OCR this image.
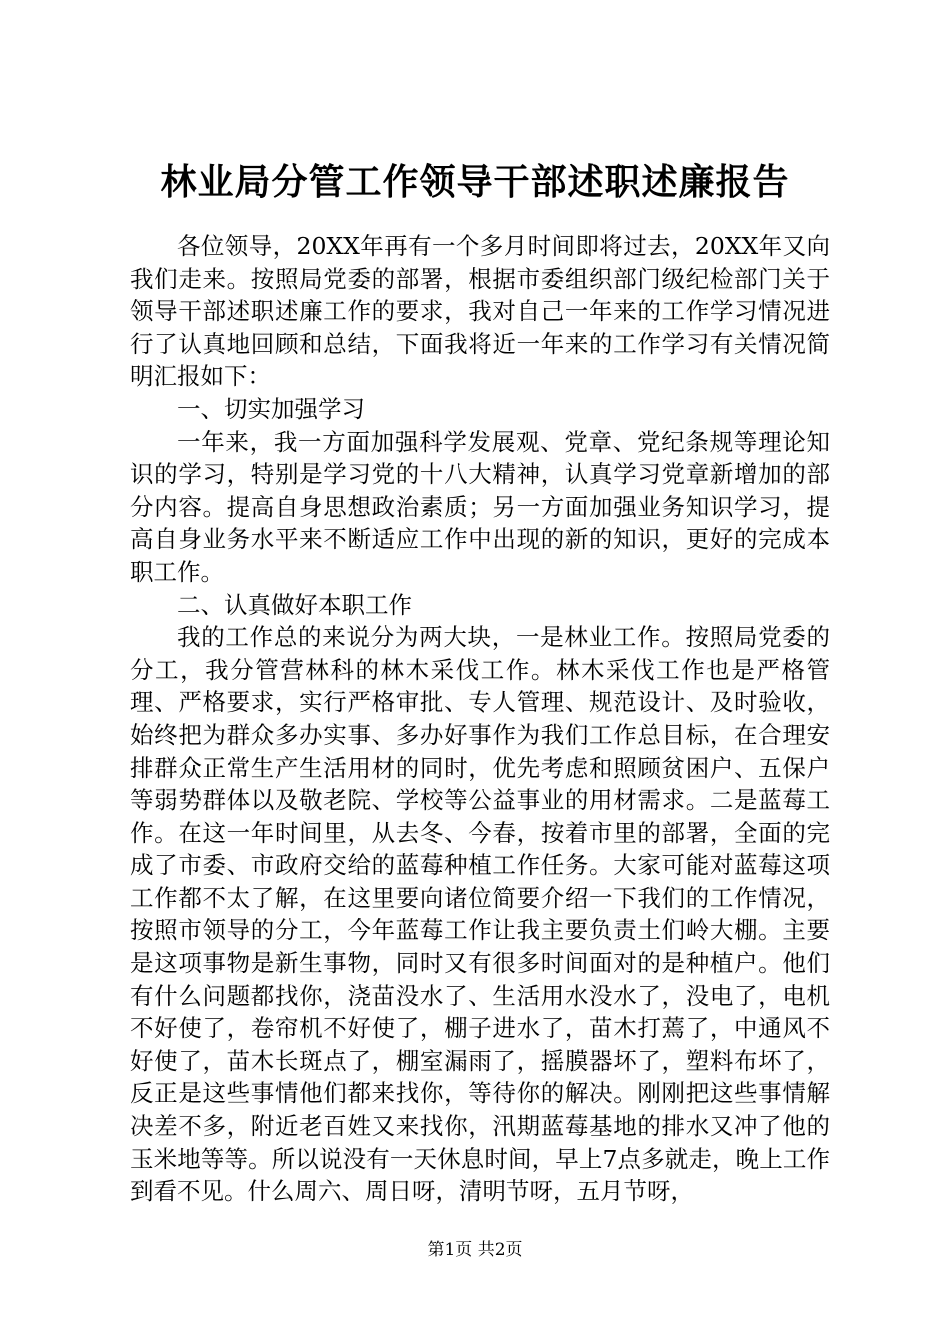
林业局分管工作领导干部述职述廉报告

各位领导，20XX年再有一个多月时间即将过去，20XX年又向我们走来。按照局党委的部署，根据市委组织部门级纪检部门关于领导干部述职述廉工作的要求，我对自己一年来的工作学习情况进行了认真地回顾和总结，下面我将近一年来的工作学习有关情况简明汇报如下：

一、切实加强学习

一年来，我一方面加强科学发展观、党章、党纪条规等理论知识的学习，特别是学习党的十八大精神，认真学习党章新增加的部分内容。提高自身思想政治素质；另一方面加强业务知识学习，提高自身业务水平来不断适应工作中出现的新的知识，更好的完成本职工作。

二、认真做好本职工作

我的工作总的来说分为两大块，一是林业工作。按照局党委的分工，我分管营林科的林木采伐工作。林木采伐工作也是严格管理、严格要求，实行严格审批、专人管理、规范设计、及时验收，始终把为群众多办实事、多办好事作为我们工作总目标，在合理安排群众正常生产生活用材的同时，优先考虑和照顾贫困户、五保户等弱势群体以及敬老院、学校等公益事业的用材需求。二是蓝莓工作。在这一年时间里，从去冬、今春，按着市里的部署，全面的完成了市委、市政府交给的蓝莓种植工作任务。大家可能对蓝莓这项工作都不太了解，在这里要向诸位简要介绍一下我们的工作情况，按照市领导的分工，今年蓝莓工作让我主要负责土们岭大棚。主要是这项事物是新生事物，同时又有很多时间面对的是种植户。他们有什么问题都找你，浇苗没水了、生活用水没水了，没电了，电机不好使了，卷帘机不好使了，棚子进水了，苗木打蔫了，中通风不好使了，苗木长斑点了，棚室漏雨了，摇膜器坏了，塑料布坏了，反正是这些事情他们都来找你，等待你的解决。刚刚把这些事情解决差不多，附近老百姓又来找你，汛期蓝莓基地的排水又冲了他的玉米地等等。所以说没有一天休息时间，早上7点多就走，晚上工作到看不见。什么周六、周日呀，清明节呀，五月节呀，

第1页 共2页
